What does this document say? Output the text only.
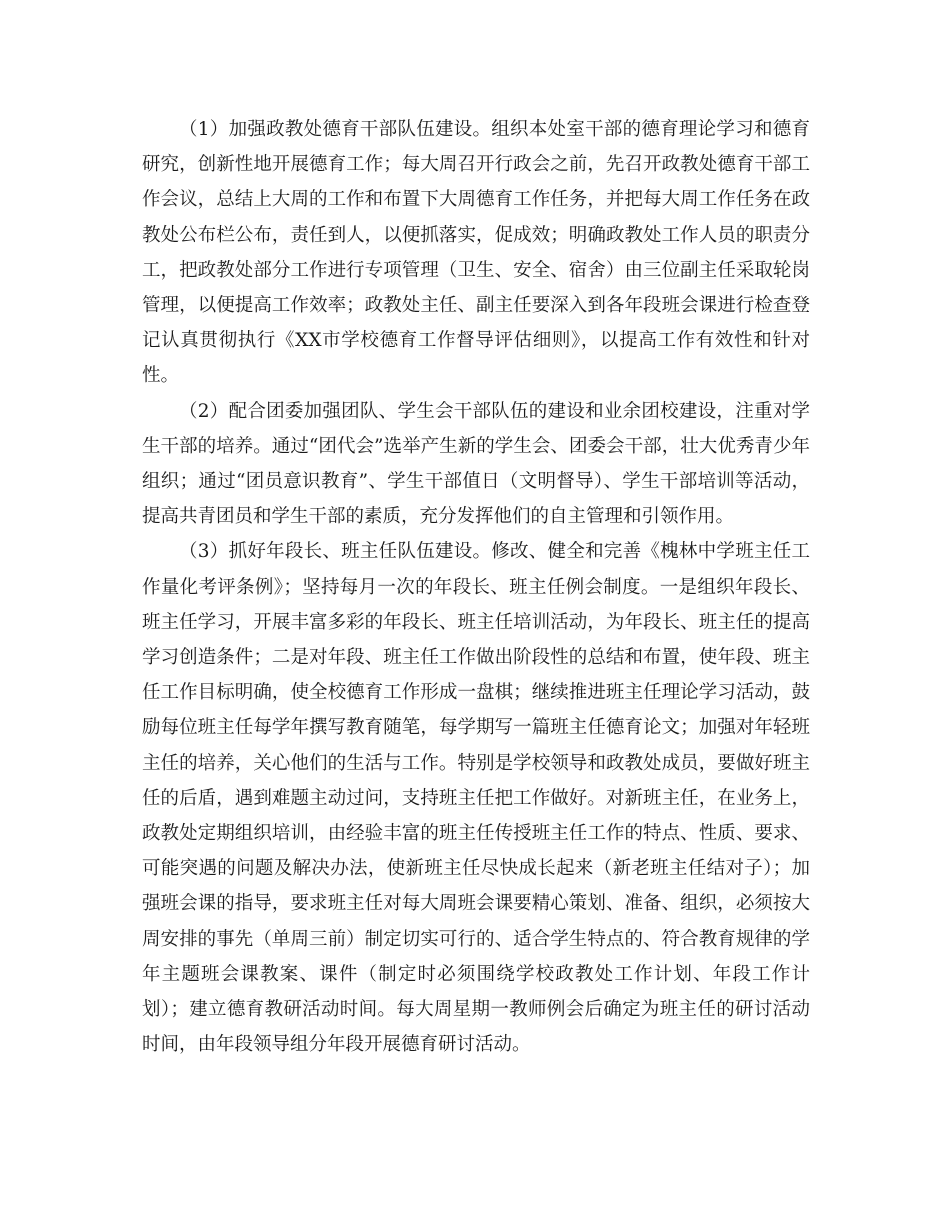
（1）加强政教处德育干部队伍建设。组织本处室干部的德育理论学习和德育研究，创新性地开展德育工作；每大周召开行政会之前，先召开政教处德育干部工作会议，总结上大周的工作和布置下大周德育工作任务，并把每大周工作任务在政教处公布栏公布，责任到人，以便抓落实，促成效；明确政教处工作人员的职责分工，把政教处部分工作进行专项管理（卫生、安全、宿舍）由三位副主任采取轮岗管理，以便提高工作效率；政教处主任、副主任要深入到各年段班会课进行检查登记认真贯彻执行《XX市学校德育工作督导评估细则》，以提高工作有效性和针对性。

（2）配合团委加强团队、学生会干部队伍的建设和业余团校建设，注重对学生干部的培养。通过“团代会”选举产生新的学生会、团委会干部，壮大优秀青少年组织；通过“团员意识教育”、学生干部值日（文明督导）、学生干部培训等活动，提高共青团员和学生干部的素质，充分发挥他们的自主管理和引领作用。

（3）抓好年段长、班主任队伍建设。修改、健全和完善《槐林中学班主任工作量化考评条例》；坚持每月一次的年段长、班主任例会制度。一是组织年段长、班主任学习，开展丰富多彩的年段长、班主任培训活动，为年段长、班主任的提高学习创造条件；二是对年段、班主任工作做出阶段性的总结和布置，使年段、班主任工作目标明确，使全校德育工作形成一盘棋；继续推进班主任理论学习活动，鼓励每位班主任每学年撰写教育随笔，每学期写一篇班主任德育论文；加强对年轻班主任的培养，关心他们的生活与工作。特别是学校领导和政教处成员，要做好班主任的后盾，遇到难题主动过问，支持班主任把工作做好。对新班主任，在业务上，政教处定期组织培训，由经验丰富的班主任传授班主任工作的特点、性质、要求、可能突遇的问题及解决办法，使新班主任尽快成长起来（新老班主任结对子）；加强班会课的指导，要求班主任对每大周班会课要精心策划、准备、组织，必须按大周安排的事先（单周三前）制定切实可行的、适合学生特点的、符合教育规律的学年主题班会课教案、课件（制定时必须围绕学校政教处工作计划、年段工作计划）；建立德育教研活动时间。每大周星期一教师例会后确定为班主任的研讨活动时间，由年段领导组分年段开展德育研讨活动。
